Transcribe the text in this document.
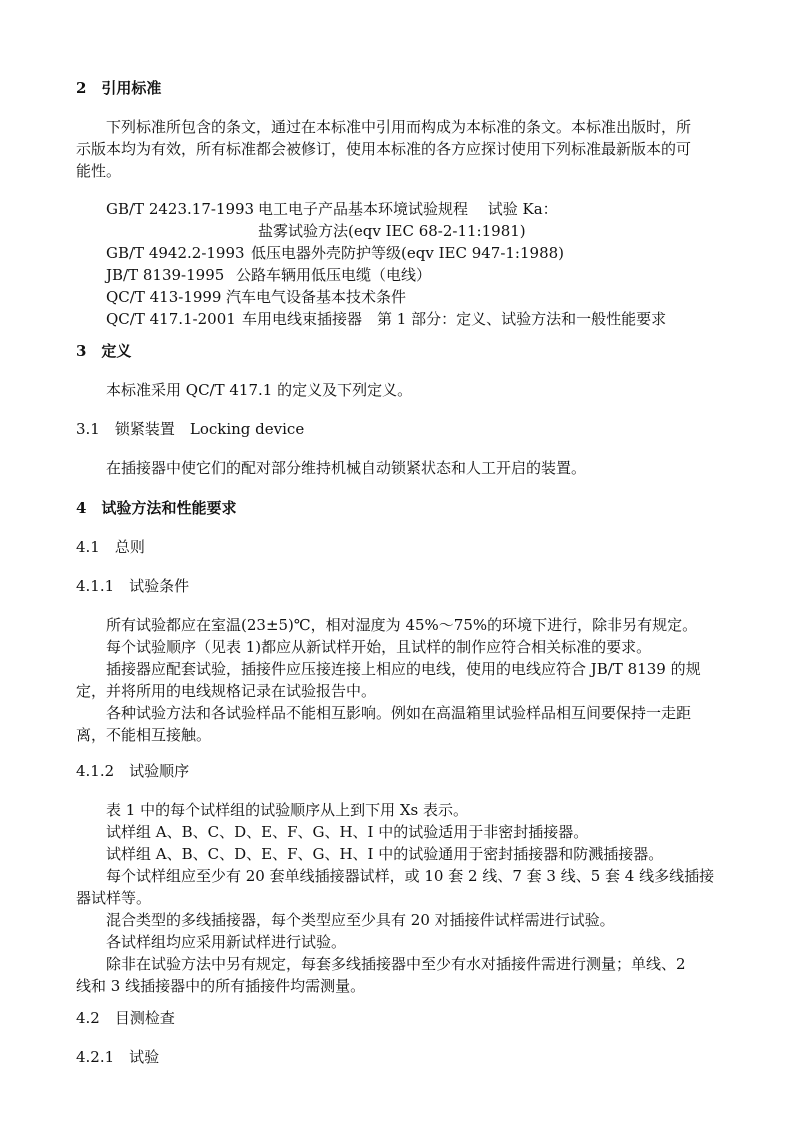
2　引用标准
下列标准所包含的条文，通过在本标准中引用而构成为本标准的条文。本标准出版时，所
示版本均为有效，所有标准都会被修订，使用本标准的各方应探讨使用下列标准最新版本的可
能性。
GB/T 2423.17-1993 电工电子产品基本环境试验规程　 试验 Ka：
盐雾试验方法(eqv IEC 68-2-11:1981)
GB/T 4942.2-1993 低压电器外壳防护等级(eqv IEC 947-1:1988)
JB/T 8139-1995 公路车辆用低压电缆（电线）
QC/T 413-1999 汽车电气设备基本技术条件
QC/T 417.1-2001 车用电线束插接器　第 1 部分：定义、试验方法和一般性能要求
3　定义
本标准采用 QC/T 417.1 的定义及下列定义。
3.1　锁紧装置　Locking device
在插接器中使它们的配对部分维持机械自动锁紧状态和人工开启的装置。
4　试验方法和性能要求
4.1　总则
4.1.1　试验条件
所有试验都应在室温(23±5)℃，相对湿度为 45%～75%的环境下进行，除非另有规定。
每个试验顺序（见表 1)都应从新试样开始，且试样的制作应符合相关标准的要求。
插接器应配套试验，插接件应压接连接上相应的电线，使用的电线应符合 JB/T 8139 的规
定，并将所用的电线规格记录在试验报告中。
各种试验方法和各试验样品不能相互影响。例如在高温箱里试验样品相互间要保持一走距
离，不能相互接触。
4.1.2　试验顺序
表 1 中的每个试样组的试验顺序从上到下用 Xs 表示。
试样组 A、B、C、D、E、F、G、H、I 中的试验适用于非密封插接器。
试样组 A、B、C、D、E、F、G、H、I 中的试验通用于密封插接器和防溅插接器。
每个试样组应至少有 20 套单线插接器试样，或 10 套 2 线、7 套 3 线、5 套 4 线多线插接
器试样等。
混合类型的多线插接器，每个类型应至少具有 20 对插接件试样需进行试验。
各试样组均应采用新试样进行试验。
除非在试验方法中另有规定，每套多线插接器中至少有水对插接件需进行测量；单线、2
线和 3 线插接器中的所有插接件均需测量。
4.2　目测检查
4.2.1　试验
